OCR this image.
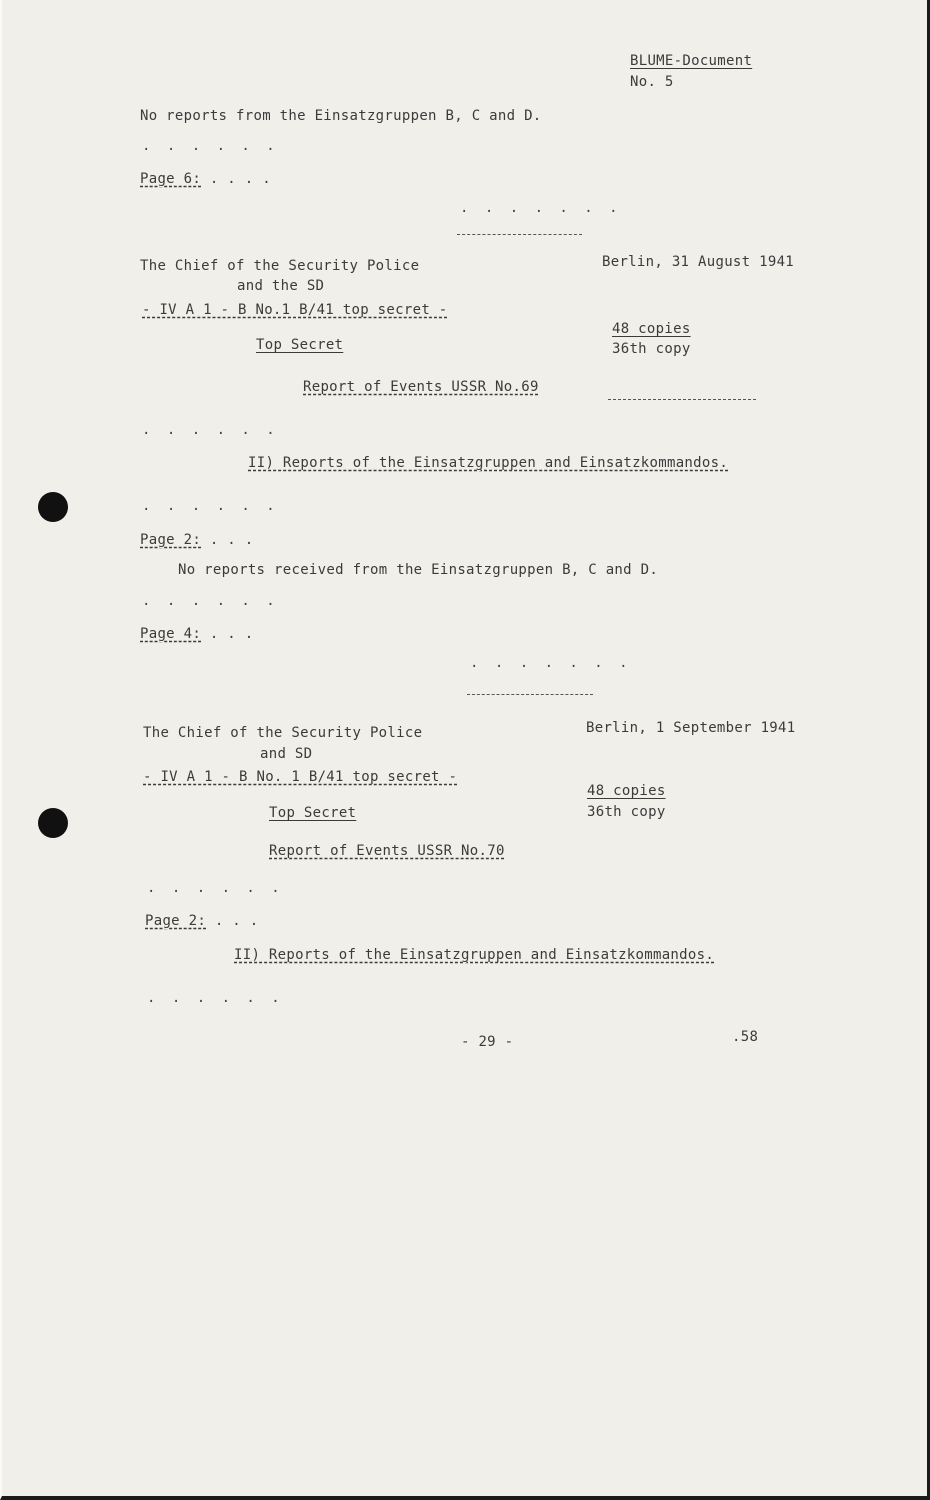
BLUME-Document
No. 5
No reports from the Einsatzgruppen B, C and D.
. . . . . .
Page 6: . . . .
. . . . . . .
The Chief of the Security Police
and the SD
Berlin, 31 August 1941
- IV A 1 - B No.1 B/41 top secret -
48 copies
36th copy
Top Secret
Report of Events USSR No.69
. . . . . .
II) Reports of the Einsatzgruppen and Einsatzkommandos.
. . . . . .
Page 2: . . .
No reports received from the Einsatzgruppen B, C and D.
. . . . . .
Page 4: . . .
. . . . . . .
The Chief of the Security Police
and SD
Berlin, 1 September 1941
- IV A 1 - B No. 1 B/41 top secret -
48 copies
36th copy
Top Secret
Report of Events USSR No.70
. . . . . .
Page 2: . . .
II) Reports of the Einsatzgruppen and Einsatzkommandos.
. . . . . .
- 29 -	.58
